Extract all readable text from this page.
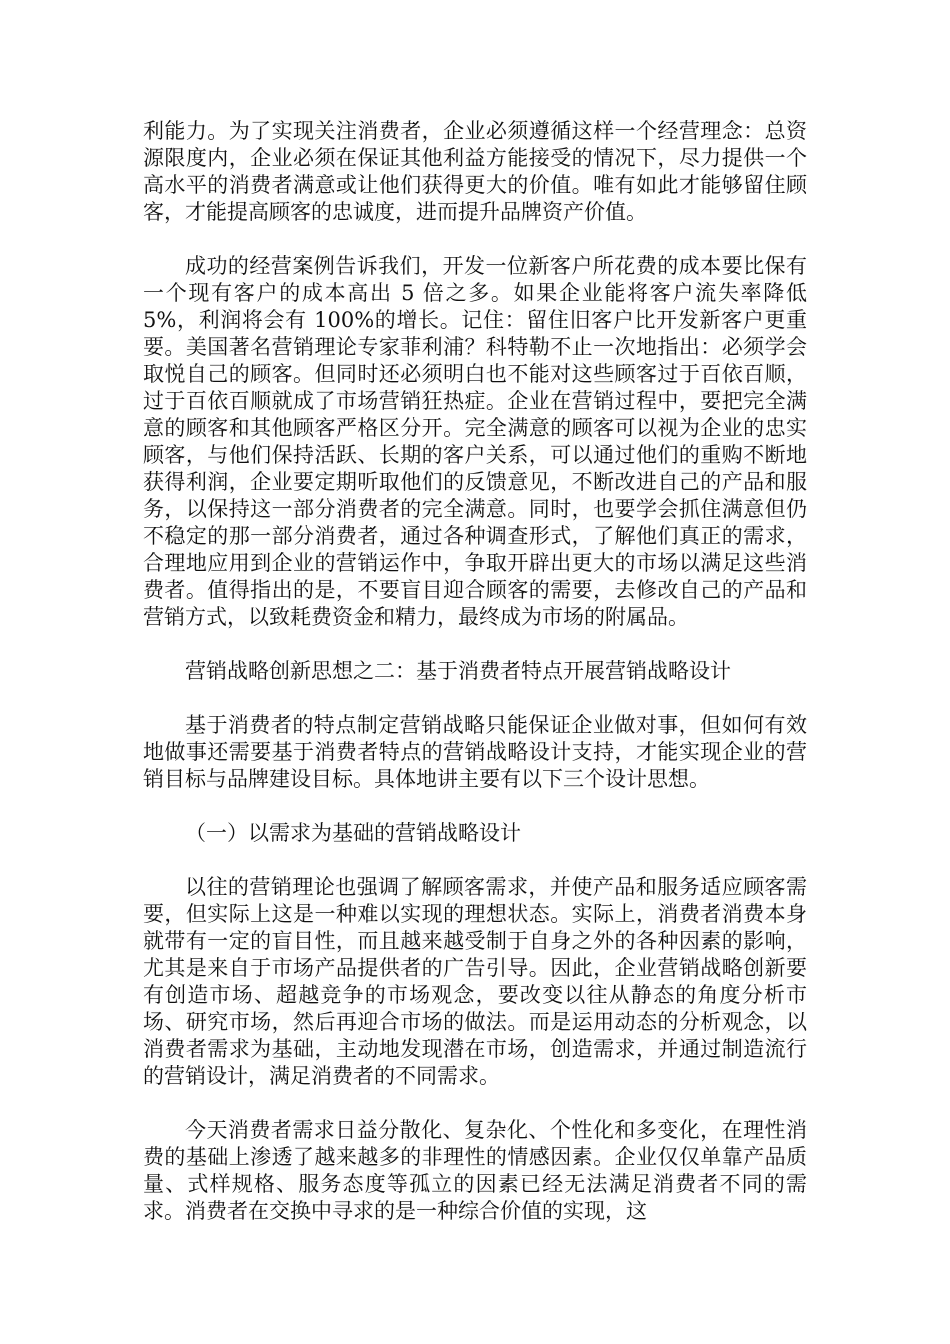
利能力。为了实现关注消费者，企业必须遵循这样一个经营理念：总资源限度内，企业必须在保证其他利益方能接受的情况下，尽力提供一个高水平的消费者满意或让他们获得更大的价值。唯有如此才能够留住顾客，才能提高顾客的忠诚度，进而提升品牌资产价值。

成功的经营案例告诉我们，开发一位新客户所花费的成本要比保有一个现有客户的成本高出 5 倍之多。如果企业能将客户流失率降低 5%，利润将会有 100%的增长。记住：留住旧客户比开发新客户更重要。美国著名营销理论专家菲利浦？科特勒不止一次地指出：必须学会取悦自己的顾客。但同时还必须明白也不能对这些顾客过于百依百顺，过于百依百顺就成了市场营销狂热症。企业在营销过程中，要把完全满意的顾客和其他顾客严格区分开。完全满意的顾客可以视为企业的忠实顾客，与他们保持活跃、长期的客户关系，可以通过他们的重购不断地获得利润，企业要定期听取他们的反馈意见，不断改进自己的产品和服务，以保持这一部分消费者的完全满意。同时，也要学会抓住满意但仍不稳定的那一部分消费者，通过各种调查形式，了解他们真正的需求，合理地应用到企业的营销运作中，争取开辟出更大的市场以满足这些消费者。值得指出的是，不要盲目迎合顾客的需要，去修改自己的产品和营销方式，以致耗费资金和精力，最终成为市场的附属品。

营销战略创新思想之二：基于消费者特点开展营销战略设计

基于消费者的特点制定营销战略只能保证企业做对事，但如何有效地做事还需要基于消费者特点的营销战略设计支持，才能实现企业的营销目标与品牌建设目标。具体地讲主要有以下三个设计思想。

（一）以需求为基础的营销战略设计

以往的营销理论也强调了解顾客需求，并使产品和服务适应顾客需要，但实际上这是一种难以实现的理想状态。实际上，消费者消费本身就带有一定的盲目性，而且越来越受制于自身之外的各种因素的影响，尤其是来自于市场产品提供者的广告引导。因此，企业营销战略创新要有创造市场、超越竞争的市场观念，要改变以往从静态的角度分析市场、研究市场，然后再迎合市场的做法。而是运用动态的分析观念，以消费者需求为基础，主动地发现潜在市场，创造需求，并通过制造流行的营销设计，满足消费者的不同需求。

今天消费者需求日益分散化、复杂化、个性化和多变化，在理性消费的基础上渗透了越来越多的非理性的情感因素。企业仅仅单靠产品质量、式样规格、服务态度等孤立的因素已经无法满足消费者不同的需求。消费者在交换中寻求的是一种综合价值的实现，这
